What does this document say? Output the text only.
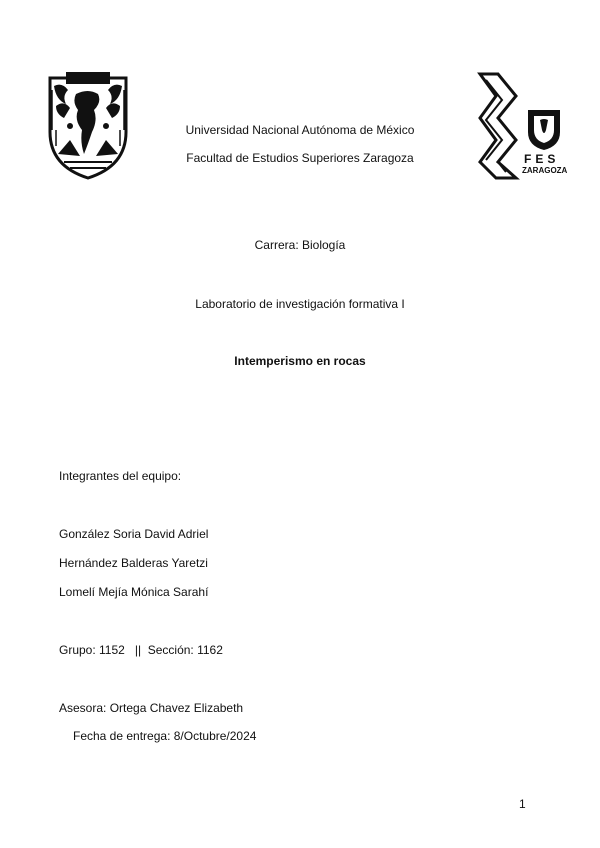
FES
ZARAGOZA
Universidad Nacional Autónoma de México
Facultad de Estudios Superiores Zaragoza
Carrera: Biología
Laboratorio de investigación formativa I
Intemperismo en rocas
Integrantes del equipo:
González Soria David Adriel
Hernández Balderas Yaretzi
Lomelí Mejía Mónica Sarahí
Grupo: 1152   ||  Sección: 1162
Asesora: Ortega Chavez Elizabeth
Fecha de entrega: 8/Octubre/2024
1
